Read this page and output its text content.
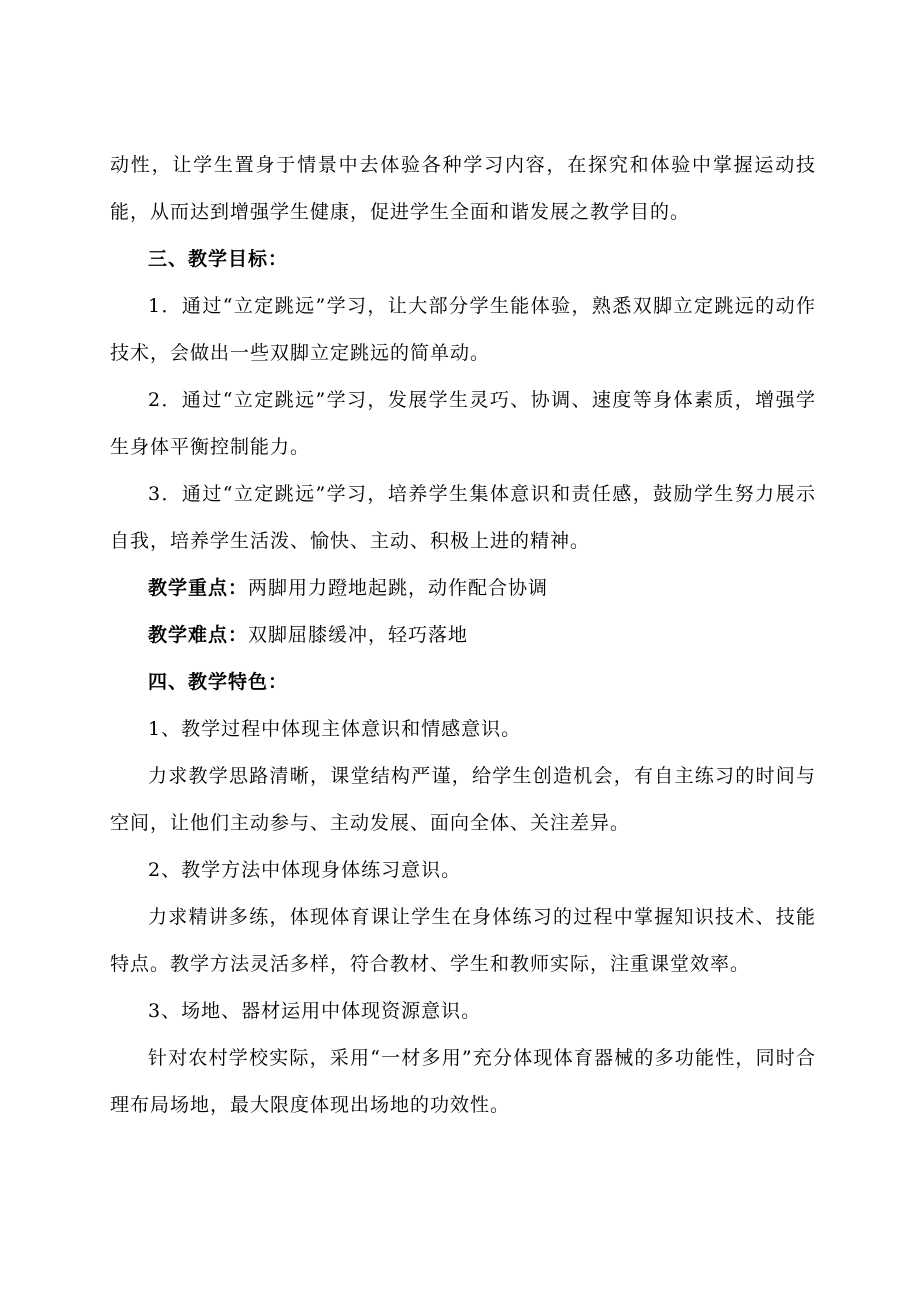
动性，让学生置身于情景中去体验各种学习内容，在探究和体验中掌握运动技能，从而达到增强学生健康，促进学生全面和谐发展之教学目的。

三、教学目标：

1．通过“立定跳远”学习，让大部分学生能体验，熟悉双脚立定跳远的动作技术，会做出一些双脚立定跳远的简单动。

2．通过“立定跳远”学习，发展学生灵巧、协调、速度等身体素质，增强学生身体平衡控制能力。

3．通过“立定跳远”学习，培养学生集体意识和责任感，鼓励学生努力展示自我，培养学生活泼、愉快、主动、积极上进的精神。

教学重点：两脚用力蹬地起跳，动作配合协调

教学难点：双脚屈膝缓冲，轻巧落地

四、教学特色：

1、教学过程中体现主体意识和情感意识。

力求教学思路清晰，课堂结构严谨，给学生创造机会，有自主练习的时间与空间，让他们主动参与、主动发展、面向全体、关注差异。

2、教学方法中体现身体练习意识。

力求精讲多练，体现体育课让学生在身体练习的过程中掌握知识技术、技能特点。教学方法灵活多样，符合教材、学生和教师实际，注重课堂效率。

3、场地、器材运用中体现资源意识。

针对农村学校实际，采用“一材多用”充分体现体育器械的多功能性，同时合理布局场地，最大限度体现出场地的功效性。
